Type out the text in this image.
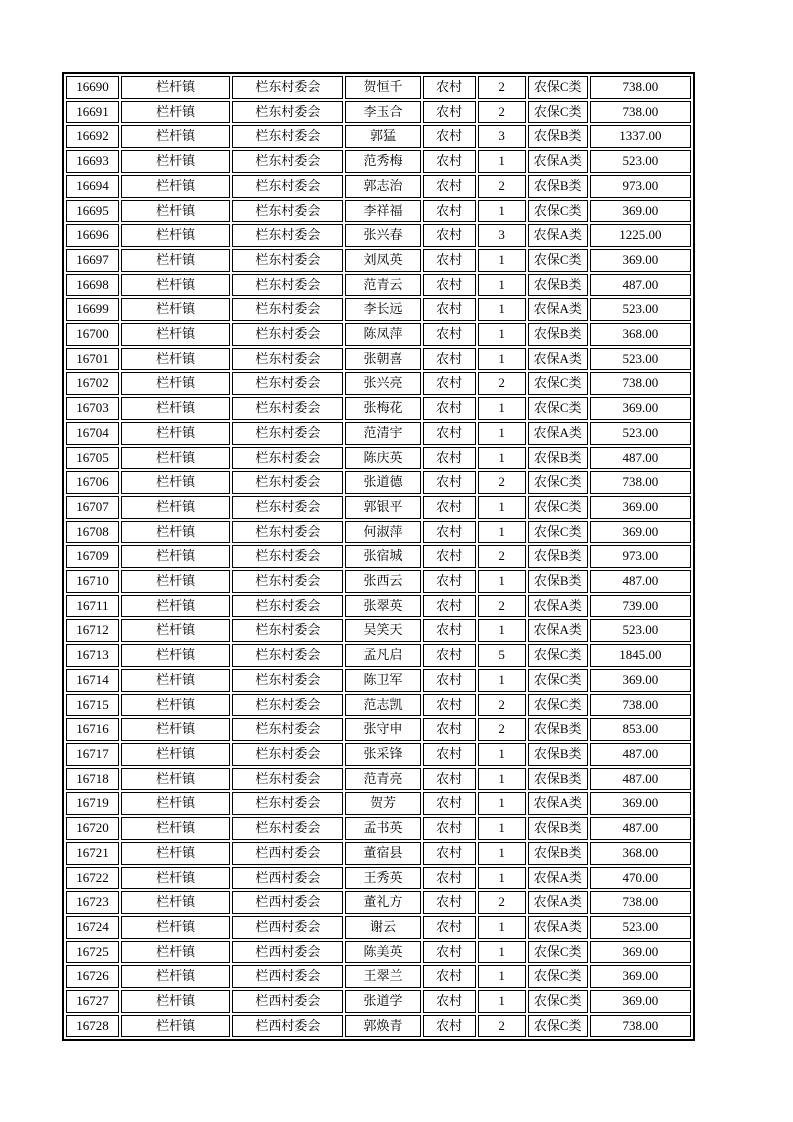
16690	栏杆镇	栏东村委会	贺恒千	农村	2	农保C类	738.00
16691	栏杆镇	栏东村委会	李玉合	农村	2	农保C类	738.00
16692	栏杆镇	栏东村委会	郭猛	农村	3	农保B类	1337.00
16693	栏杆镇	栏东村委会	范秀梅	农村	1	农保A类	523.00
16694	栏杆镇	栏东村委会	郭志治	农村	2	农保B类	973.00
16695	栏杆镇	栏东村委会	李祥福	农村	1	农保C类	369.00
16696	栏杆镇	栏东村委会	张兴春	农村	3	农保A类	1225.00
16697	栏杆镇	栏东村委会	刘凤英	农村	1	农保C类	369.00
16698	栏杆镇	栏东村委会	范青云	农村	1	农保B类	487.00
16699	栏杆镇	栏东村委会	李长远	农村	1	农保A类	523.00
16700	栏杆镇	栏东村委会	陈凤萍	农村	1	农保B类	368.00
16701	栏杆镇	栏东村委会	张朝喜	农村	1	农保A类	523.00
16702	栏杆镇	栏东村委会	张兴亮	农村	2	农保C类	738.00
16703	栏杆镇	栏东村委会	张梅花	农村	1	农保C类	369.00
16704	栏杆镇	栏东村委会	范清宇	农村	1	农保A类	523.00
16705	栏杆镇	栏东村委会	陈庆英	农村	1	农保B类	487.00
16706	栏杆镇	栏东村委会	张道德	农村	2	农保C类	738.00
16707	栏杆镇	栏东村委会	郭银平	农村	1	农保C类	369.00
16708	栏杆镇	栏东村委会	何淑萍	农村	1	农保C类	369.00
16709	栏杆镇	栏东村委会	张宿城	农村	2	农保B类	973.00
16710	栏杆镇	栏东村委会	张西云	农村	1	农保B类	487.00
16711	栏杆镇	栏东村委会	张翠英	农村	2	农保A类	739.00
16712	栏杆镇	栏东村委会	吴笑天	农村	1	农保A类	523.00
16713	栏杆镇	栏东村委会	孟凡启	农村	5	农保C类	1845.00
16714	栏杆镇	栏东村委会	陈卫军	农村	1	农保C类	369.00
16715	栏杆镇	栏东村委会	范志凯	农村	2	农保C类	738.00
16716	栏杆镇	栏东村委会	张守申	农村	2	农保B类	853.00
16717	栏杆镇	栏东村委会	张采锋	农村	1	农保B类	487.00
16718	栏杆镇	栏东村委会	范青亮	农村	1	农保B类	487.00
16719	栏杆镇	栏东村委会	贺芳	农村	1	农保A类	369.00
16720	栏杆镇	栏东村委会	孟书英	农村	1	农保B类	487.00
16721	栏杆镇	栏西村委会	董宿县	农村	1	农保B类	368.00
16722	栏杆镇	栏西村委会	王秀英	农村	1	农保A类	470.00
16723	栏杆镇	栏西村委会	董礼方	农村	2	农保A类	738.00
16724	栏杆镇	栏西村委会	谢云	农村	1	农保A类	523.00
16725	栏杆镇	栏西村委会	陈美英	农村	1	农保C类	369.00
16726	栏杆镇	栏西村委会	王翠兰	农村	1	农保C类	369.00
16727	栏杆镇	栏西村委会	张道学	农村	1	农保C类	369.00
16728	栏杆镇	栏西村委会	郭焕青	农村	2	农保C类	738.00
